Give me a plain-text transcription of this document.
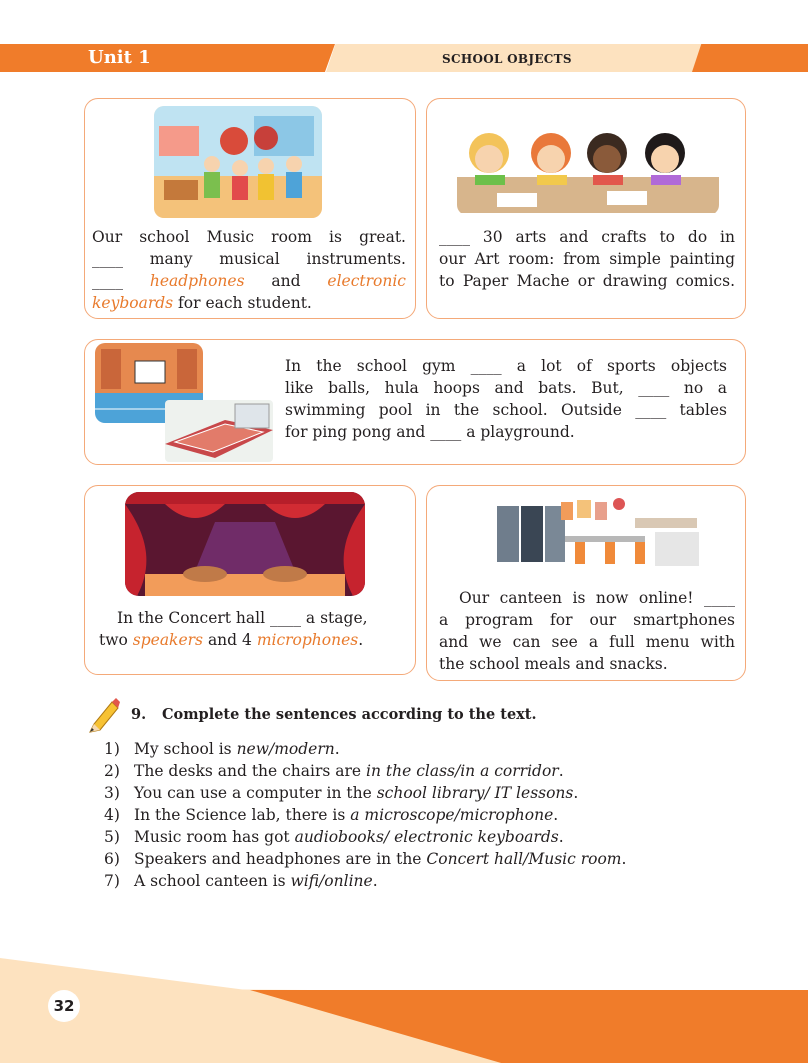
Unit 1	SCHOOL OBJECTS
Our school Music room is great.
____ many musical instruments.
____ headphones and electronic
keyboards for each student.
____ 30 arts and crafts to do in
our Art room: from simple painting
to Paper Mache or drawing comics.
In the school gym ____ a lot of sports objects
like balls, hula hoops and bats. But, ____ no a
swimming pool in the school. Outside ____ tables
for ping pong and ____ a playground.
In the Concert hall ____ a stage,
two speakers and 4 microphones.
Our canteen is now online! ____
a program for our smartphones
and we can see a full menu with
the school meals and snacks.
9. Complete the sentences according to the text.
1) My school is new/modern.
2) The desks and the chairs are in the class/in a corridor.
3) You can use a computer in the school library/ IT lessons.
4) In the Science lab, there is a microscope/microphone.
5) Music room has got audiobooks/ electronic keyboards.
6) Speakers and headphones are in the Concert hall/Music room.
7) A school canteen is wifi/online.
32
